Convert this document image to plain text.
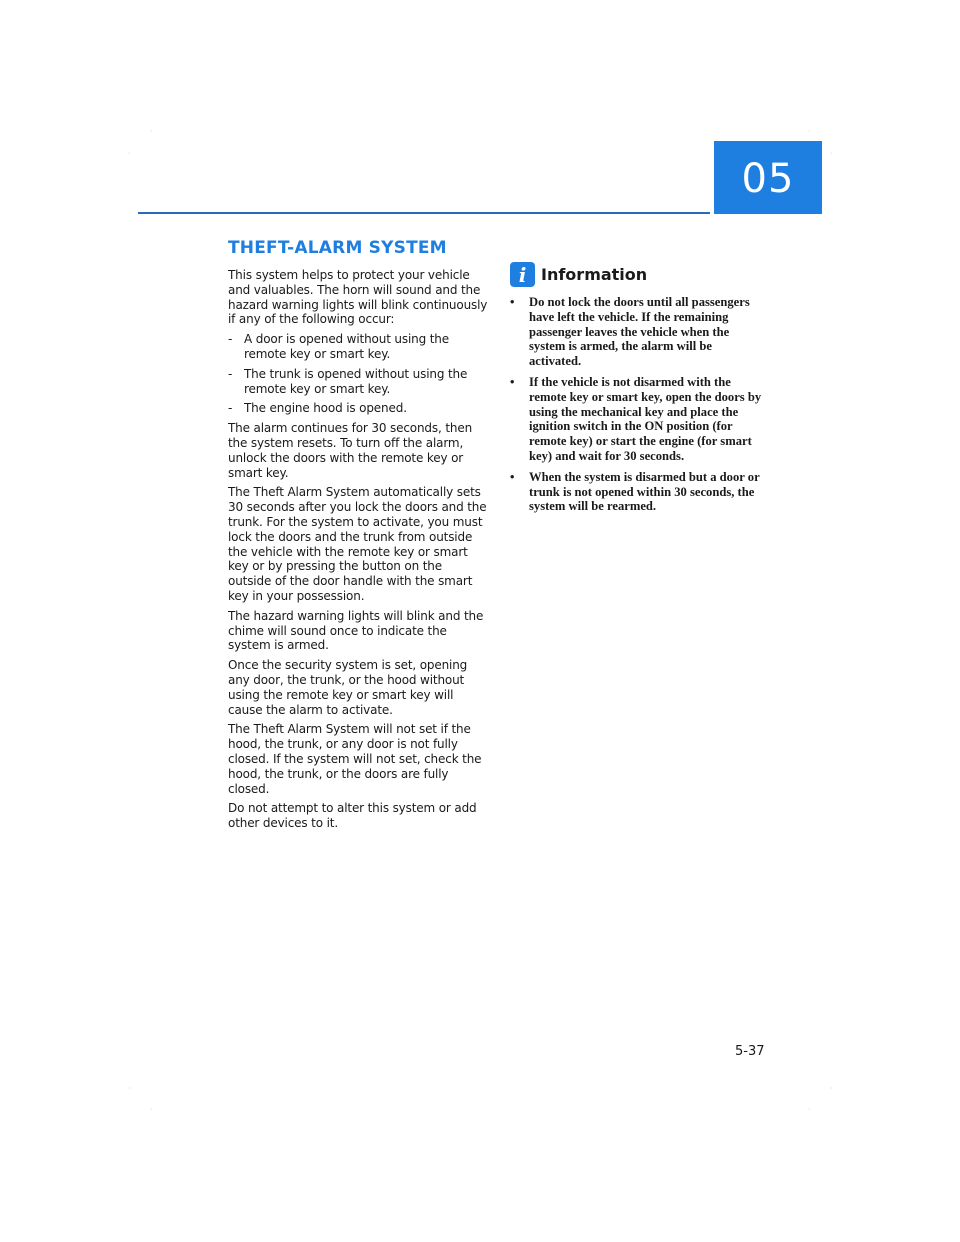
·	·
·	·
·	·
·	·
05
THEFT-ALARM SYSTEM

This system helps to protect your vehicle and valuables. The horn will sound and the hazard warning lights will blink continuously if any of the following occur:

- A door is opened without using the remote key or smart key.
- The trunk is opened without using the remote key or smart key.
- The engine hood is opened.

The alarm continues for 30 seconds, then the system resets. To turn off the alarm, unlock the doors with the remote key or smart key.

The Theft Alarm System automatically sets 30 seconds after you lock the doors and the trunk. For the system to activate, you must lock the doors and the trunk from outside the vehicle with the remote key or smart key or by pressing the button on the outside of the door handle with the smart key in your possession.

The hazard warning lights will blink and the chime will sound once to indicate the system is armed.

Once the security system is set, opening any door, the trunk, or the hood without using the remote key or smart key will cause the alarm to activate.

The Theft Alarm System will not set if the hood, the trunk, or any door is not fully closed. If the system will not set, check the hood, the trunk, or the doors are fully closed.

Do not attempt to alter this system or add other devices to it.

i Information
• Do not lock the doors until all passengers have left the vehicle. If the remaining passenger leaves the vehicle when the system is armed, the alarm will be activated.
• If the vehicle is not disarmed with the remote key or smart key, open the doors by using the mechanical key and place the ignition switch in the ON position (for remote key) or start the engine (for smart key) and wait for 30 seconds.
• When the system is disarmed but a door or trunk is not opened within 30 seconds, the system will be rearmed.
5-37
